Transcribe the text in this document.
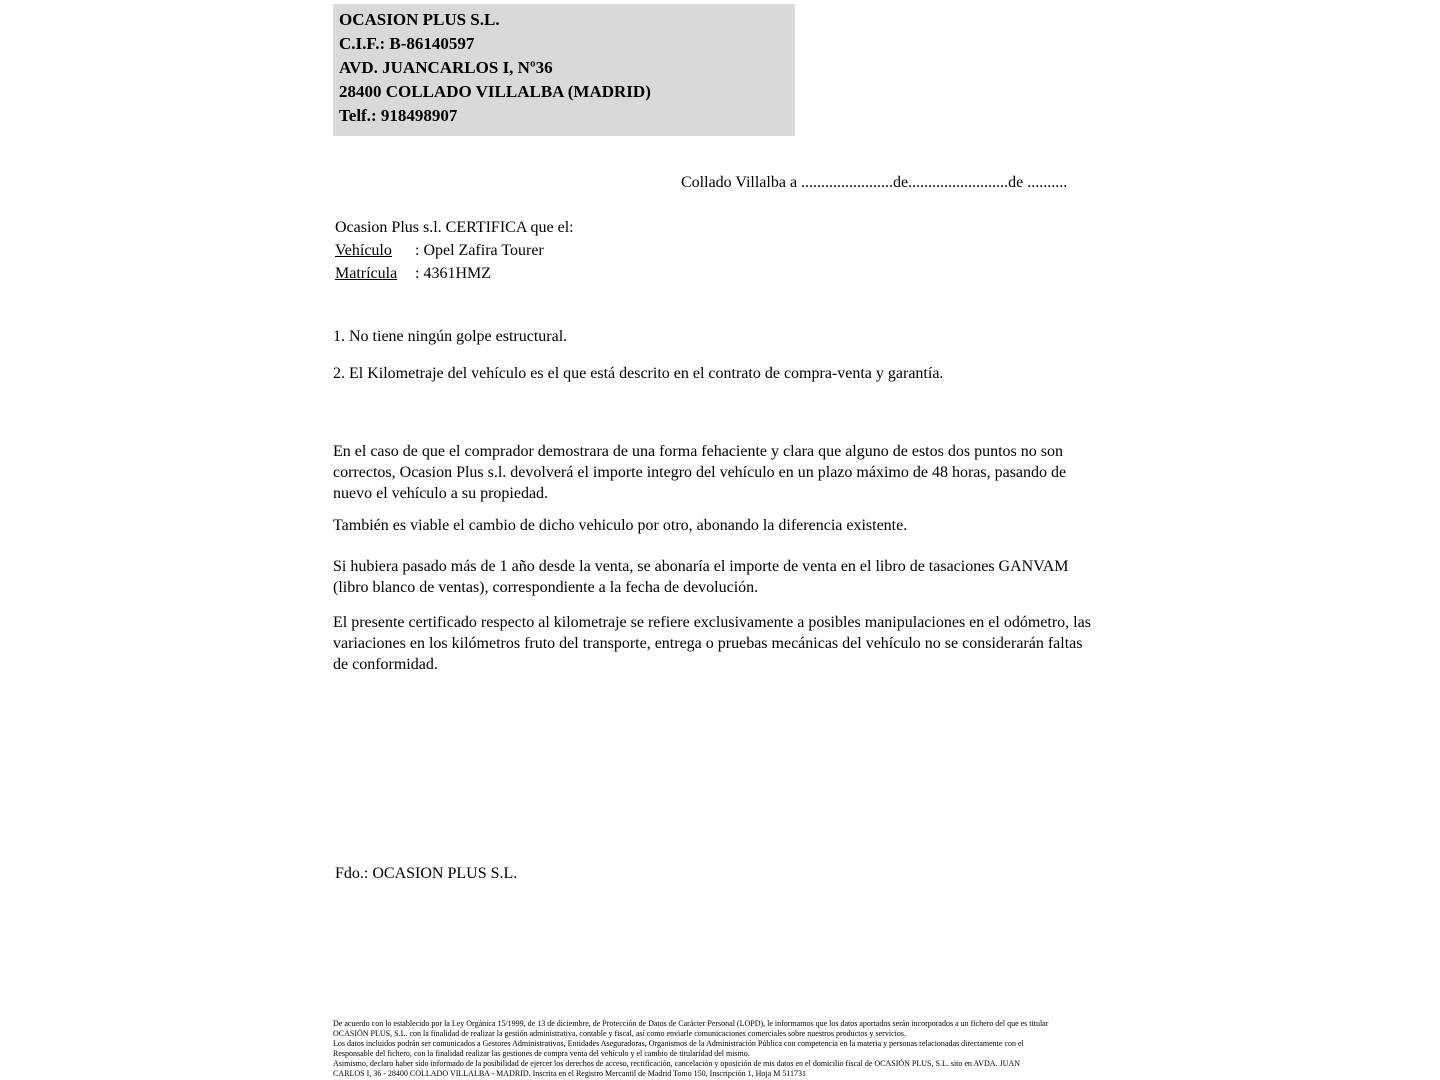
OCASION PLUS S.L.
C.I.F.: B-86140597
AVD. JUANCARLOS I, Nº36
28400 COLLADO VILLALBA (MADRID)
Telf.: 918498907
Collado Villalba a .......................de.........................de ..........
Ocasion Plus s.l. CERTIFICA que el:
Vehículo : Opel Zafira Tourer
Matrícula : 4361HMZ
1. No tiene ningún golpe estructural.
2. El Kilometraje del vehículo es el que está descrito en el contrato de compra-venta y garantía.
En el caso de que el comprador demostrara de una forma fehaciente y clara que alguno de estos dos puntos no son correctos, Ocasion Plus s.l. devolverá el importe integro del vehículo en un plazo máximo de 48 horas, pasando de nuevo el vehículo a su propiedad.
También es viable el cambio de dicho vehiculo por otro, abonando la diferencia existente.
Si hubiera pasado más de 1 año desde la venta, se abonaría el importe de venta en el libro de tasaciones GANVAM (libro blanco de ventas), correspondiente a la fecha de devolución.
El presente certificado respecto al kilometraje se refiere exclusivamente a posibles manipulaciones en el odómetro, las variaciones en los kilómetros fruto del transporte, entrega o pruebas mecánicas del vehículo no se considerarán faltas de conformidad.
Fdo.: OCASION PLUS S.L.
De acuerdo con lo establecido por la Ley Orgánica 15/1999, de 13 de diciembre, de Protección de Datos de Carácter Personal (LOPD), le informamos que los datos aportados serán incorporados a un fichero del que es titular
OCASIÓN PLUS, S.L. con la finalidad de realizar la gestión administrativa, contable y fiscal, así como enviarle comunicaciones comerciales sobre nuestros productos y servicios.
Los datos incluidos podrán ser comunicados a Gestores Administrativos, Entidades Aseguradoras, Organismos de la Administración Pública con competencia en la materia y personas relacionadas directamente con el
Responsable del fichero, con la finalidad realizar las gestiones de compra venta del vehículo y el cambio de titularidad del mismo.
Asimismo, declaro haber sido informado de la posibilidad de ejercer los derechos de acceso, rectificación, cancelación y oposición de mis datos en el domicilio fiscal de OCASIÓN PLUS, S.L. sito en AVDA. JUAN
CARLOS I, 36 - 28400 COLLADO VILLALBA - MADRID. Inscrita en el Registro Mercantil de Madrid Tomo 150, Inscripción 1, Hoja M 511731
